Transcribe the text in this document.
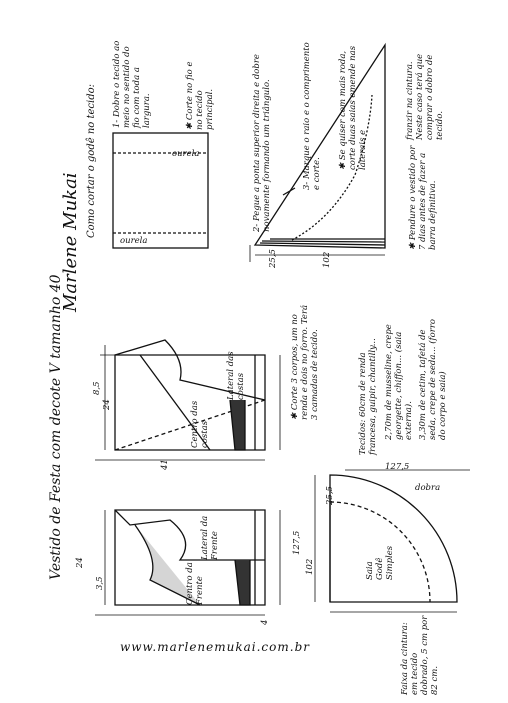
Vestido de Festa com decote V tamanho 40
Marlene Mukai
www.marlenemukai.com.br
Como cortar o godê no tecido: 1- Dobre o tecido ao meio no sentido do fio com toda a largura.	✱ Corte no fio e no tecido principal.	2- Pegue a ponta superior direita e dobre novamente formando um triângulo.	3- Marque o raio e o comprimento e corte.
✱ Se quiser com mais roda, corte duas saias emende nas laterais e
franzir na cintura. Neste caso terá que comprar o dobro de tecido.
✱ Pendure o vestido por 7 dias antes de fazer a barra definitiva.
ourela
ourela
25,5	102
Centro das costas
Lateral das costas
24
8,5
41
Centro da Frente
Lateral da Frente
24
3,5
4
✱ Corte 3 corpos, um no renda e dois no forro. Terá 3 camadas de tecido.	Tecidos: 60cm de renda francesa, guipir, chantilly... 2,70m de musseline, crepe georgette, chiffon... (saia externa). 3,30m de cetim, tafetá de seda, crepe de seda... (forro do corpo e saia)
Saia Godê Simples
102
127,5
25,5
127,5
dobra
Faixa da cintura: em tecido dobrado, 5 cm por 82 cm.
